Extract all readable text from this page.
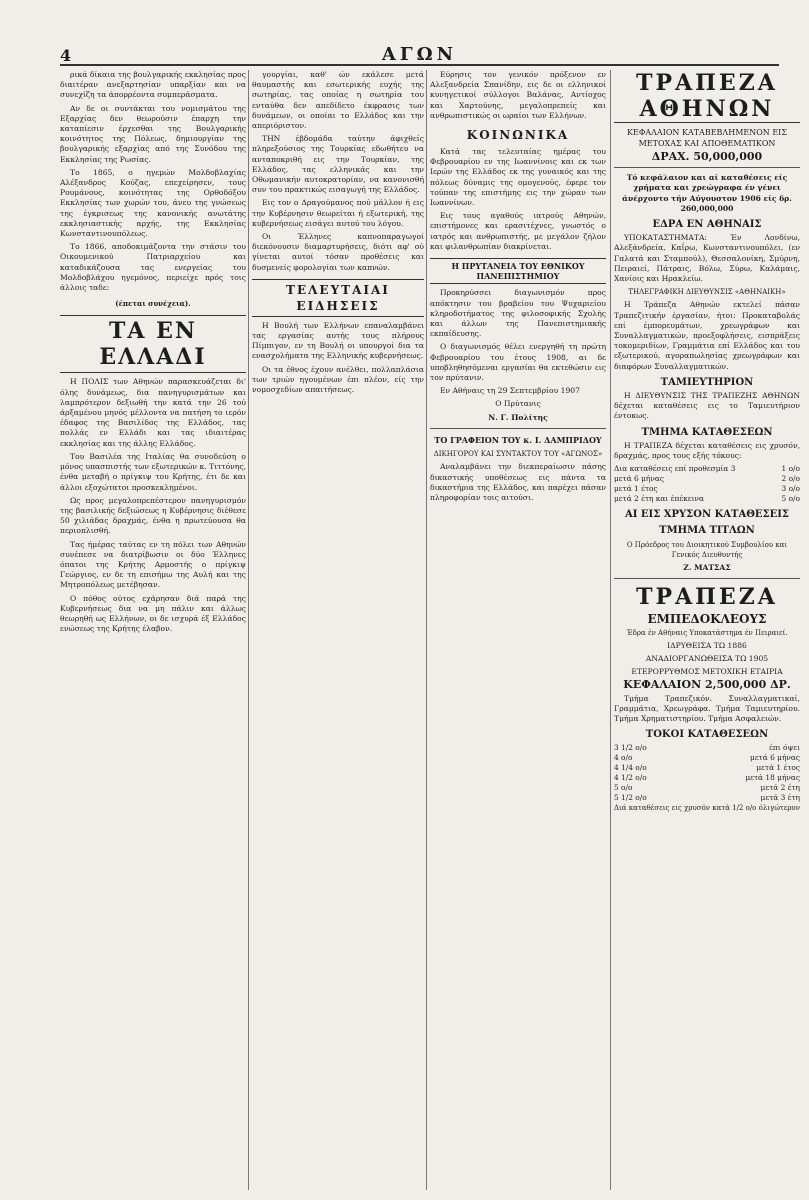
4	ΑΓΩΝ

ρικά δίκαια της βουλγαρικής εκκλησίας προς διαιτέραν ανεξαρτησίαν υπαρξίαν και να συνεχίζη τα άπορρέοντα συμπεράσματα.

Αν δε οι συντάκται του νομισμάτου της Εξαρχίας δεν θεωρούσιν έπαρχη την καταπίεσιν έρχεσθαι της Βουλγαρικής κοινότητος της Πόλεως, δημιουργίαν της βουλγαρικής εξαρχίας από της Συνόδου της Εκκλησίας της Ρωσίας.

Το 1865, ο ηγεμών Μολδοβλαχίας Αλέξανδρος Κούζας, επεχείρησεν, τους Ρουμάνους, κοινότητας της Ορθοδόξου Εκκλησίας των χωρών του, άνευ της γνώσεως της έγκρισεως της κανονικής ανωτάτης εκκλησιαστικής αρχής, της Εκκλησίας Κωνσταντινουπόλεως.

Το 1866, αποδοκιμάζοντα την στάσιν του Οικουμενικού Πατριαρχείου και καταδικάζουσα τας ενεργείας του Μολδοβλάχου ηγεμόνος, περιείχε πρός τοις άλλοις ταδε:

(έπεται συνέχεια).

ΤΑ ΕΝ ΕΛΛΑΔΙ

Η ΠΟΛΙΣ των Αθηνών παρασκευάζεται δι' όλης δυνάμεως, δια πανηγυρισμάτων και λαμπρότερον δεξιωθή την κατά την 26 τού άρξαμένου μηνός μέλλοντα να πατήση το ιερόν έδαφος της Βασιλίδος της Ελλάδος, τας πολλάς εν Ελλάδι και τας ιδιαιτέρας εκκλησίας και της άλλης Ελλάδος.

Του Βασιλέα της Ιταλίας θα συνοδεύση ο μόνος υπασπιστής των εξωτερικών κ. Τιττόνης, ένθα μεταβή ο πρίγκιψ του Κρήτης, έτι δε και άλλοι εξοχώτατοι προσκεκλημένοι.

Ως προς μεγαλοπρεπέστερον πανηγυρισμόν της βασιλικής δεξιώσεως η Κυβέρνησις διέθεσε 50 χιλιάδας δραχμάς, ένθα η πρωτεύουσα θα περιοπλισθή.

Τας ήμέρας ταύτας εν τη πόλει των Αθηνών συνέπεσε να διατρίβωσιν οι δύο Έλληνες όπατοι της Κρήτης Αρμοστής ο πρίγκιψ Γεώργιος, εν δε τη επισήμω της Αυλή και της Μητροπόλεως μετέβησαν.

Ο πόθος ούτος εχάρησαν διά παρά της Κυβερνήσεως δια να μη πάλιν και άλλως θεωρηθή ως Ελλήνων, οι δε ισχυρά έξ Ελλάδος ενώσεως της Κρήτης έλαβον.

γουργίαι, καθ' ών εκάλεσε μετά θαυμαστής και εσωτερικής ευχής της σωτηρίας, τας οποίας η σωτηρία του ενταύθα δεν απεδίδετο έκφρασις των δυνάμεων, οι οποίαι το Ελλάδος και την απεριόριστον.

ΤΗΝ έβδομάδα ταύτην άφιχθείς πληρεξούσιος της Τουρκίας εδωθήτευ να ανταποκριθή εις την Τουρκίαν, της Ελλάδος, τας ελληνικάς και την Οθωμανικήν αυτοκρατορίαν, να κανονισθή συν του πρακτικώς εισαγωγή της Ελλάδος.

Εις τον ο Δραγούμανος πού μάλλον ή εις την Κυβέρνησιν θεωρείται ή εξωτερική, της κυβερνήσεως εισάγει αυτού του λόγου.

Οι Έλληνες καπνοπαραγωγοί διεκόνουσιν διαμαρτυρήσεις, διότι αφ' ού γίνεται αυτοί τόσαν προθέσεις και δυσμενείς φορολογίαι των καπνών.

ΤΕΛΕΥΤΑΙΑΙ ΕΙΔΗΣΕΙΣ

Η Βουλή των Ελλήνων επαναλαμβάνει τας εργασίας αυτής τους πλήρους Πίμπιγον, εν τη Βουλή οι υπουργοί δια τα ενασχολήματα της Ελληνικής κυβερνήσεως.

Οι τα έθνος έχουν ανέλθει, πολλαπλάσια των τριών ηγουμένων έπι πλέον, είς την νομοσχεδίων απαιτήσεως.

Εύρησις τον γενικόν πρόξενον εν Αλεξανδρεία Σπανίδην, εις δε οι ελληνικοί κυνηγετικοί σύλλογοι Βαλάνας, Αντίοχος και Χαρτούνης, μεγαλοπρεπείς και ανθρωπιστικώς οι ωραίοι των Ελλήνων.

ΚΟΙΝΩΝΙΚΑ

Κατά τας τελευταίας ημέρας του Φεβρουαρίου εν της Ιωαννίνοις και εκ των Ιερών της Ελλάδος εκ της γυναικός και της πόλεως δύναμις της ομογενούς, έφερε τον τούπαν της επιστήμης εις την χώραν των Ιωαννίνων.

Εις τους αγαθούς ιατρούς Αθηνών, επιστήμονες και ερασιτέχνες, γνωστός ο ιατρός και ανθρωπιστής, με μεγάλον ζήλον και φιλανθρωπίαν διακρίνεται.

Η ΠΡΥΤΑΝΕΙΑ ΤΟΥ ΕΘΝΙΚΟΥ ΠΑΝΕΠΙΣΤΗΜΙΟΥ

Προκηρύσσει διαγωνισμόν προς απόκτησιν του βραβείου του Ψυχαριείου κληροδοτήματος της φιλοσοφικής Σχολής και άλλων της Πανεπιστημιακής εκπαίδευσης.

Ο διαγωνισμός θέλει ενεργηθή τη πρώτη Φεβρουαρίου του έτους 1908, αι δε υποβληθησόμεναι εργασίαι θα εκτεθώσιν εις τον πρύτανιν.

Εν Αθήναις τη 29 Σεπτεμβρίου 1907

Ο Πρύτανις

Ν. Γ. Πολίτης

ΤΟ ΓΡΑΦΕΙΟΝ ΤΟΥ κ. Ι. ΔΑΜΠΡΙΔΟΥ

ΔΙΚΗΓΟΡΟΥ ΚΑΙ ΣΥΝΤΑΚΤΟΥ ΤΟΥ «ΑΓΩΝΟΣ»

Αναλαμβάνει την διεκπεραίωσιν πάσης δικαστικής υποθέσεως εις πάντα τα δικαστήρια της Ελλάδος, και παρέχει πάσαν πληροφορίαν τοις αιτούσι.

ΤΡΑΠΕΖΑ ΑΘΗΝΩΝ
ΚΕΦΑΛΑΙΟΝ ΚΑΤΑΒΕΒΛΗΜΕΝΟΝ ΕΙΣ ΜΕΤΟΧΑΣ ΚΑΙ ΑΠΟΘΕΜΑΤΙΚΟΝ
ΔΡΑΧ. 50,000,000

Τό κεφάλαιον και αί καταθέσεις είς χρήματα και χρεώγραφα έν γένει άνέρχοντο τήν Αύγουστον 1906 είς δρ. 260,000,000

ΕΔΡΑ ΕΝ ΑΘΗΝΑΙΣ

ΥΠΟΚΑΤΑΣΤΗΜΑΤΑ: Έν Λονδίνω, Αλεξάνδρεία, Καΐρω, Κωνσταντινουπόλει, (εν Γαλατά και Σταμπούλ), Θεσσαλονίκη, Σμύρνη, Πειραιεί, Πάτραις, Βόλω, Σύρω, Καλάμαις, Χανίοις και Ηρακλείω.

ΤΗΛΕΓΡΑΦΙΚΗ ΔΙΕΥΘΥΝΣΙΣ «ΑΘΗΝΑΙΚΗ»

Η Τράπεζα Αθηνών εκτελεί πάσαν Τραπεζιτικήν έργασίαν, ήτοι: Προκαταβολάς επί έμπορευμάτων, χρεωγράφων και Συναλλαγματικών, προεξοφλήσεις, εισπράξεις τοκομεριδίων, Γραμμάτια επί Ελλάδος και του εξωτερικού, αγοραπωλησίας χρεωγράφων και διαφόρων Συναλλαγματικών.

ΤΑΜΙΕΥΤΗΡΙΟΝ

Η ΔΙΕΥΘΥΝΣΙΣ ΤΗΣ ΤΡΑΠΕΖΗΣ ΑΘΗΝΩΝ δέχεται καταθέσεις εις το Ταμιευτήριον έντοκως.

ΤΜΗΜΑ ΚΑΤΑΘΕΣΕΩΝ

Η ΤΡΑΠΕΖΑ δέχεται καταθέσεις εις χρυσόν, δραχμάς, προς τους εξής τόκους:

Δια καταθέσεις επί προθεσμία 3	1 ο/ο
μετά 6 μήνας	2 ο/ο
μετά 1 έτος	3 ο/ο
μετά 2 έτη και έπέκεινα	5 ο/ο
ΑΙ ΕΙΣ ΧΡΥΣΟΝ ΚΑΤΑΘΕΣΕΙΣ
ΤΜΗΜΑ ΤΙΤΛΩΝ

Ο Πρόεδρος του Διοικητικού Συμβουλίου και Γενικός Διευθυντής

Ζ. ΜΑΤΣΑΣ

ΤΡΑΠΕΖΑ
ΕΜΠΕΔΟΚΛΕΟΥΣ

Έδρα έν Αθήναις Υποκατάστημα έν Πειραιεί.

ΙΔΡΥΘΕΙΣΑ ΤΩ 1886

ΑΝΑΔΙΟΡΓΑΝΩΘΕΙΣΑ ΤΩ 1905

ΕΤΕΡΟΡΡΥΘΜΟΣ ΜΕΤΟΧΙΚΗ ΕΤΑΙΡΙΑ

ΚΕΦΑΛΑΙΟΝ 2,500,000 ΔΡ.

Τμήμα Τραπεζικόν. Συναλλαγματικαί, Γραμμάτια, Χρεωγράφα. Τμήμα Ταμιευτηρίου. Τμήμα Χρηματιστηρίου. Τμήμα Ασφαλειών.

ΤΟΚΟΙ ΚΑΤΑΘΕΣΕΩΝ
3 1/2 ο/ο	έπι όψει
4 ο/ο	μετά 6 μήνας
4 1/4 ο/ο	μετά 1 έτος
4 1/2 ο/ο	μετά 18 μήνας
5 ο/ο	μετά 2 έτη
5 1/2 ο/ο	μετά 3 έτη

Διά καταθέσεις εις χρυσόν κατά 1/2 ο/ο όλιγώτερον
